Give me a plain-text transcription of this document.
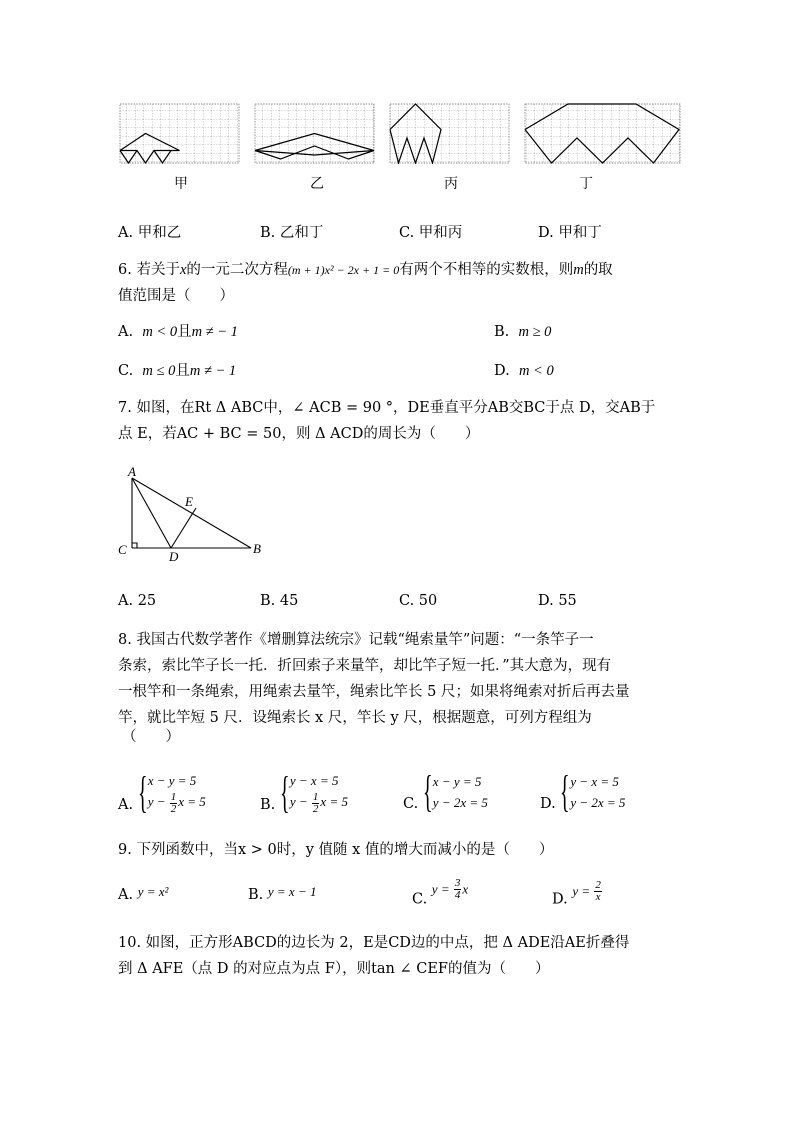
甲	乙	丙	丁
A. 甲和乙	B. 乙和丁	C. 甲和丙	D. 甲和丁
6. 若关于x的一元二次方程(m + 1)x² − 2x + 1 = 0有两个不相等的实数根，则m的取
值范围是（　　）
A. m < 0且m ≠ − 1	B. m ≥ 0
C. m ≤ 0且m ≠ − 1	D. m < 0
7. 如图，在Rt Δ ABC中，∠ ACB = 90 °，DE垂直平分AB交BC于点 D，交AB于
点 E，若AC + BC = 50，则 Δ ACD的周长为（　　）
A
C	D
B
E
A. 25	B. 45	C. 50	D. 55
8. 我国古代数学著作《增删算法统宗》记载“绳索量竿”问题：“一条竿子一
条索，索比竿子长一托．折回索子来量竿，却比竿子短一托．”其大意为，现有
一根竿和一条绳索，用绳索去量竿，绳索比竿长 5 尺；如果将绳索对折后再去量
竿，就比竿短 5 尺．设绳索长 x 尺，竿长 y 尺，根据题意，可列方程组为
（　　）
A. { x − y = 5
$y - \frac{1}{2}$ x = 5	B. { y − x = 5
$y - \frac{1}{2}$ x = 5	C. { x − y = 5
y − 2x = 5	D. { y − x = 5
y − 2x = 5
9. 下列函数中，当x > 0时，y 值随 x 值的增大而减小的是（　　）
A. y = x²	B. y = x − 1	C. $y = \frac{3}{4}$ x
D. $y = \frac{2}{x}$
10. 如图，正方形ABCD的边长为 2，E是CD边的中点，把 Δ ADE沿AE折叠得
到 Δ AFE（点 D 的对应点为点 F），则tan ∠ CEF的值为（　　）
